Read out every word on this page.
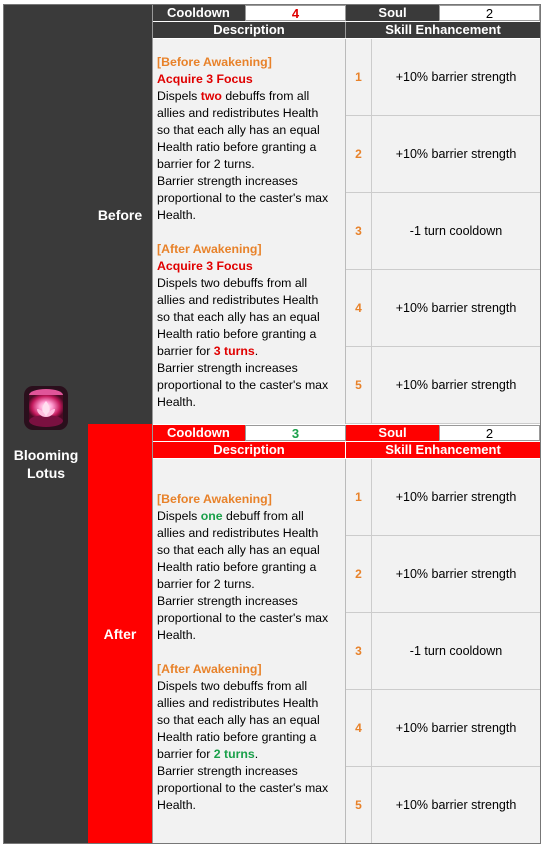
Blooming
Lotus
Before
After
Cooldown	4	Soul	2
Description	Skill Enhancement

[Before Awakening]

Acquire 3 Focus

Dispels two debuffs from all

allies and redistributes Health

so that each ally has an equal

Health ratio before granting a

barrier for 2 turns.

Barrier strength increases

proportional to the caster's max

Health.

[After Awakening]

Acquire 3 Focus

Dispels two debuffs from all

allies and redistributes Health

so that each ally has an equal

Health ratio before granting a

barrier for 3 turns.

Barrier strength increases

proportional to the caster's max

Health.

1	+10% barrier strength
2	+10% barrier strength
3	-1 turn cooldown
4	+10% barrier strength
5	+10% barrier strength
Cooldown	3	Soul	2
Description	Skill Enhancement

[Before Awakening]

Dispels one debuff from all

allies and redistributes Health

so that each ally has an equal

Health ratio before granting a

barrier for 2 turns.

Barrier strength increases

proportional to the caster's max

Health.

[After Awakening]

Dispels two debuffs from all

allies and redistributes Health

so that each ally has an equal

Health ratio before granting a

barrier for 2 turns.

Barrier strength increases

proportional to the caster's max

Health.

1	+10% barrier strength
2	+10% barrier strength
3	-1 turn cooldown
4	+10% barrier strength
5	+10% barrier strength
